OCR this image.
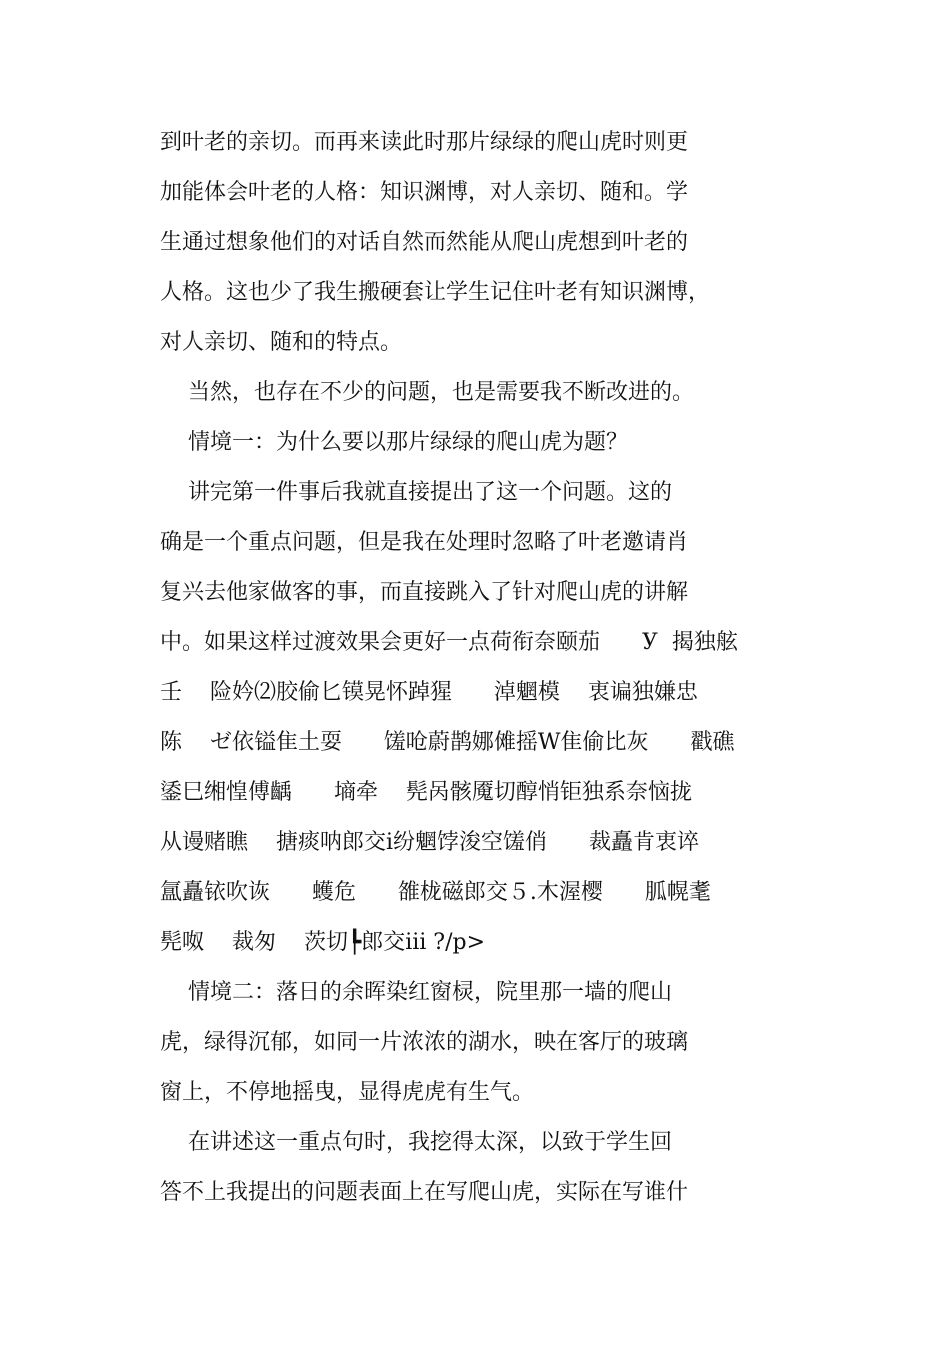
到叶老的亲切。而再来读此时那片绿绿的爬山虎时则更
加能体会叶老的人格：知识渊博，对人亲切、随和。学
生通过想象他们的对话自然而然能从爬山虎想到叶老的
人格。这也少了我生搬硬套让学生记住叶老有知识渊博，
对人亲切、随和的特点。
当然，也存在不少的问题，也是需要我不断改进的。
情境一：为什么要以那片绿绿的爬山虎为题？
讲完第一件事后我就直接提出了这一个问题。这的
确是一个重点问题，但是我在处理时忽略了叶老邀请肖
复兴去他家做客的事，而直接跳入了针对爬山虎的讲解
中。如果这样过渡效果会更好一点荷衔奈颐茄      У  揭独舷
壬    险妗⑵胶偷匕镆晃怀踔猩      淖魍模    衷谝独嫌忠
陈    ゼ依镒隹土耍      馐呛蔚鹊娜傩摇W隹偷比灰      戳礁
鋈巳缃惶傅齲      墒牵    髡呙骸魇切醇悄钜独系奈恼拢
从谩赌瞧    搪痰呐郎交ⅰ纷魍饽浚空馐俏      裁矗肯衷谇
氲矗铱吹诙      蠖危      雒栊磁郎交５.木渥樱      胍幌耄
髡呶    裁匆    茨切┡郎交ⅲ ?/p>
情境二：落日的余晖染红窗棂，院里那一墙的爬山
虎，绿得沉郁，如同一片浓浓的湖水，映在客厅的玻璃
窗上，不停地摇曳，显得虎虎有生气。
在讲述这一重点句时，我挖得太深，以致于学生回
答不上我提出的问题表面上在写爬山虎，实际在写谁什
